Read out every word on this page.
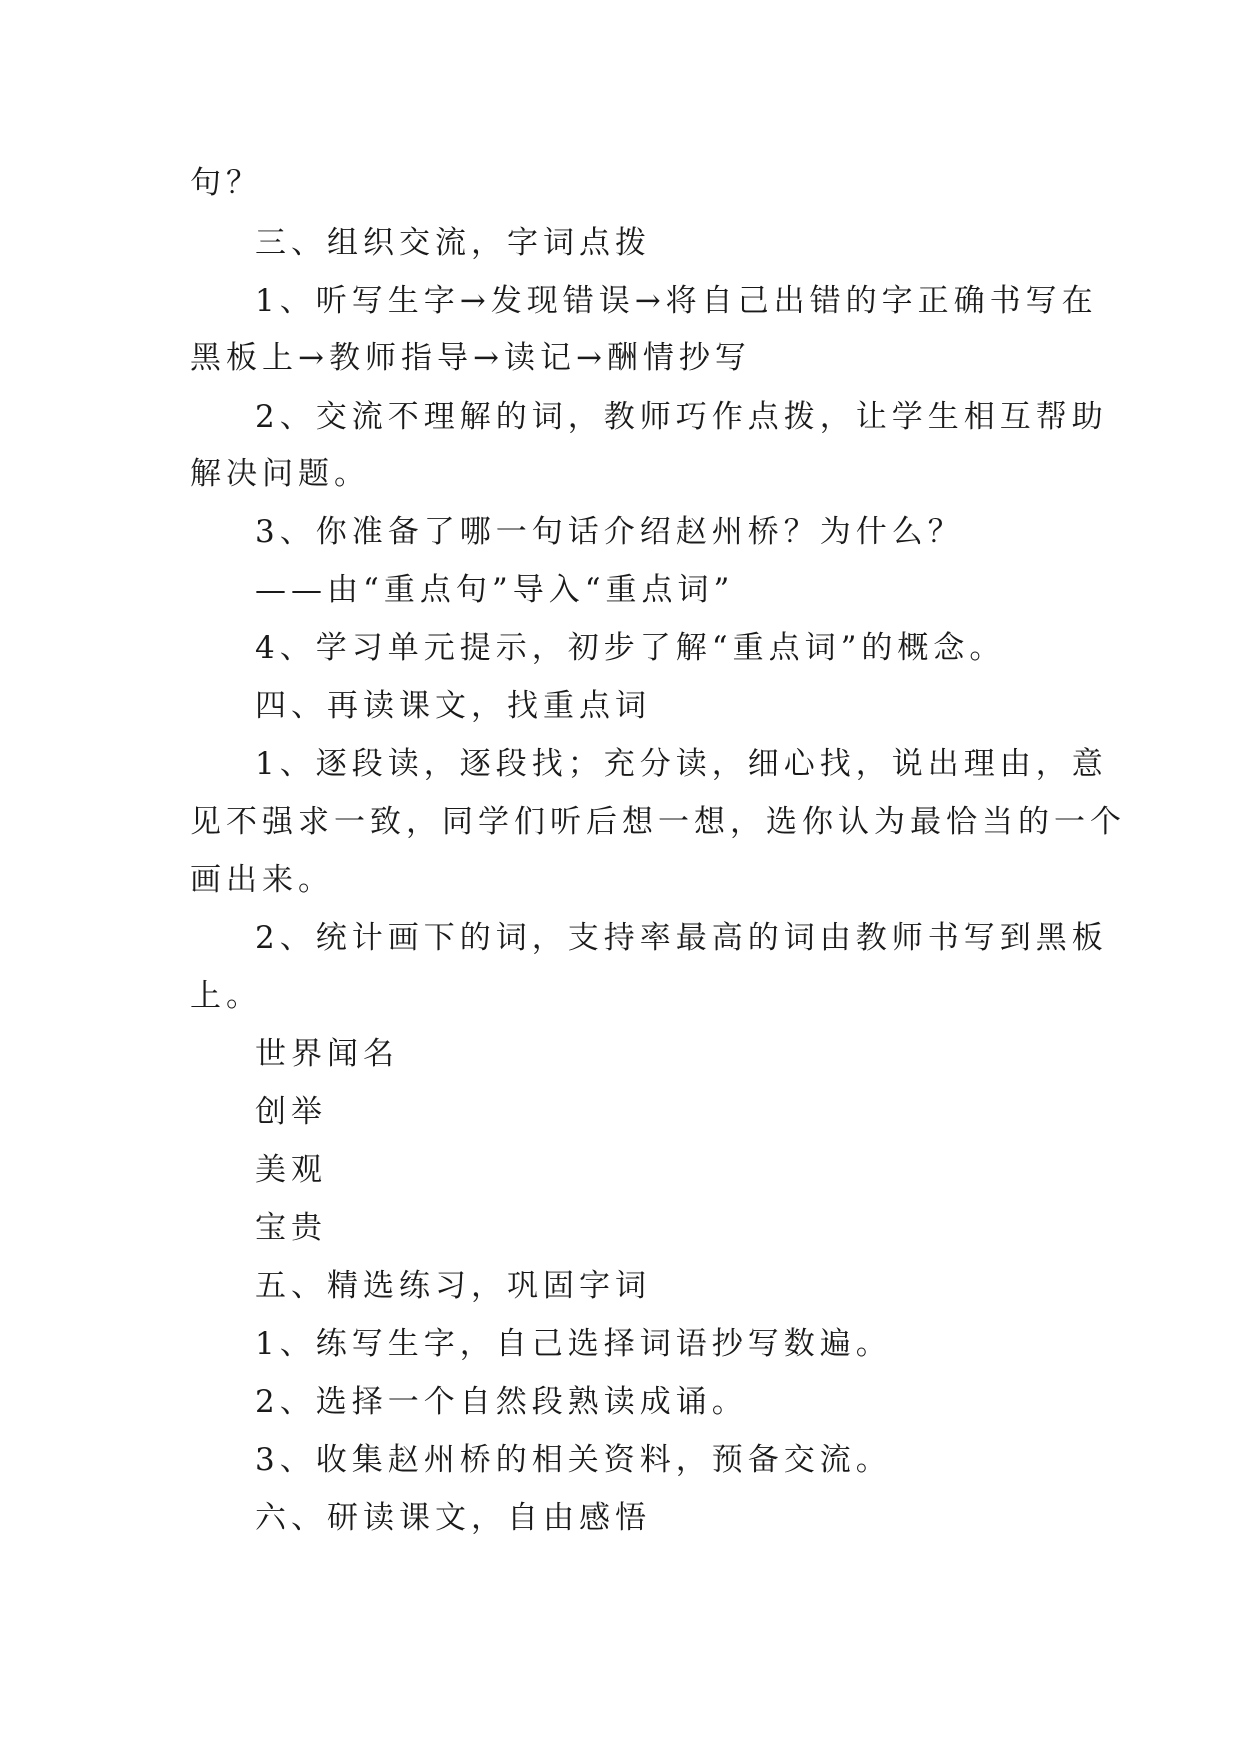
句？
三、组织交流，字词点拨
1、听写生字→发现错误→将自己出错的字正确书写在
黑板上→教师指导→读记→酬情抄写
2、交流不理解的词，教师巧作点拨，让学生相互帮助
解决问题。
3、你准备了哪一句话介绍赵州桥？为什么？
——由“重点句”导入“重点词”
4、学习单元提示，初步了解“重点词”的概念。
四、再读课文，找重点词
1、逐段读，逐段找；充分读，细心找，说出理由，意
见不强求一致，同学们听后想一想，选你认为最恰当的一个
画出来。
2、统计画下的词，支持率最高的词由教师书写到黑板
上。
世界闻名
创举
美观
宝贵
五、精选练习，巩固字词
1、练写生字，自己选择词语抄写数遍。
2、选择一个自然段熟读成诵。
3、收集赵州桥的相关资料，预备交流。
六、研读课文，自由感悟
